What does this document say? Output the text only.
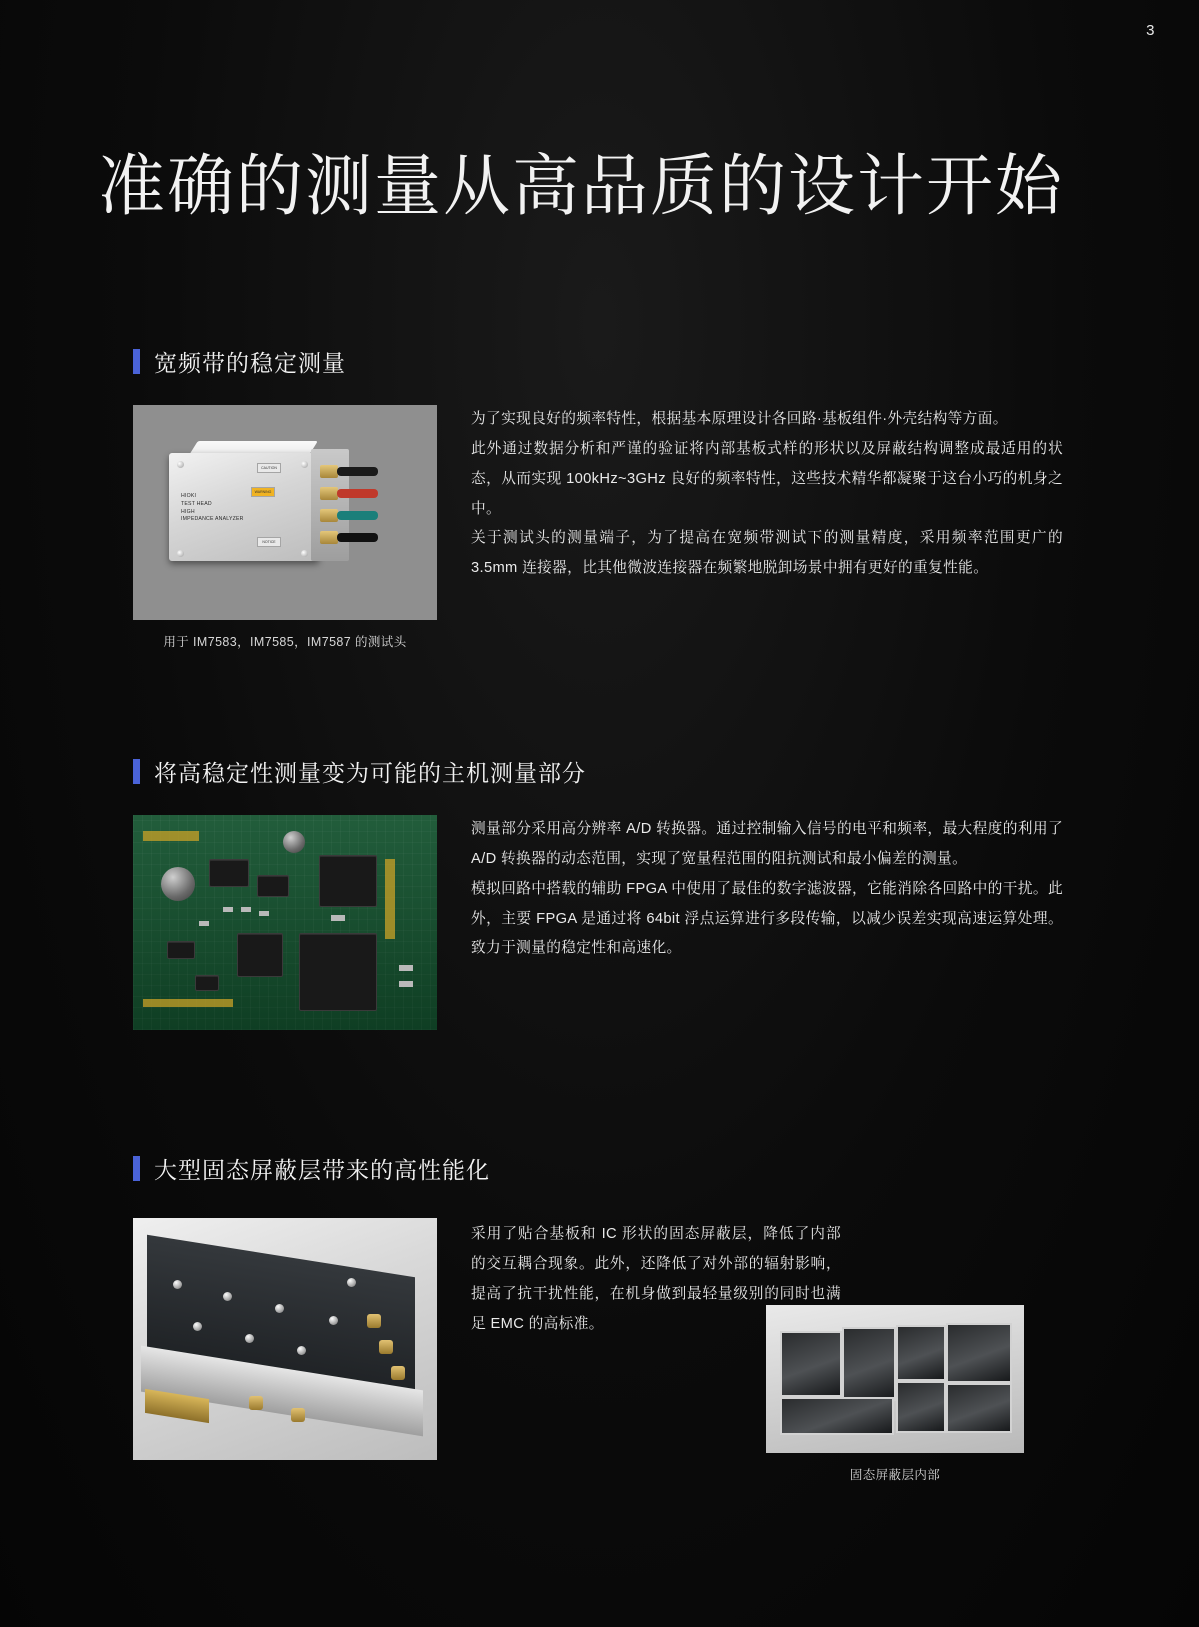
3
准确的测量从高品质的设计开始
宽频带的稳定测量
CAUTION
WARNING
NOTICE
HIOKI
TEST HEAD
HIGH
IMPEDANCE ANALYZER
用于 IM7583，IM7585，IM7587 的测试头

为了实现良好的频率特性，根据基本原理设计各回路·基板组件·外壳结构等方面。

此外通过数据分析和严谨的验证将内部基板式样的形状以及屏蔽结构调整成最适用的状态，从而实现 100kHz~3GHz 良好的频率特性，这些技术精华都凝聚于这台小巧的机身之中。

关于测试头的测量端子，为了提高在宽频带测试下的测量精度，采用频率范围更广的 3.5mm 连接器，比其他微波连接器在频繁地脱卸场景中拥有更好的重复性能。

将高稳定性测量变为可能的主机测量部分

测量部分采用高分辨率 A/D 转换器。通过控制输入信号的电平和频率，最大程度的利用了 A/D 转换器的动态范围，实现了宽量程范围的阻抗测试和最小偏差的测量。

模拟回路中搭载的辅助 FPGA 中使用了最佳的数字滤波器，它能消除各回路中的干扰。此外，主要 FPGA 是通过将 64bit 浮点运算进行多段传输，以减少误差实现高速运算处理。致力于测量的稳定性和高速化。

大型固态屏蔽层带来的高性能化

采用了贴合基板和 IC 形状的固态屏蔽层，降低了内部的交互耦合现象。此外，还降低了对外部的辐射影响，提高了抗干扰性能，在机身做到最轻量级别的同时也满足 EMC 的高标准。

固态屏蔽层内部
